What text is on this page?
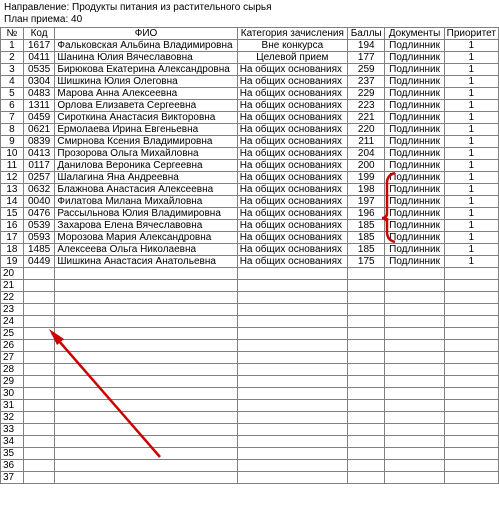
Направление: Продукты питания из растительного сырья
План приема: 40
№	Код	ФИО	Категория зачисления	Баллы	Документы	Приоритет
1	1617	Фальковская Альбина Владимировна	Вне конкурса	194	Подлинник	1
2	0411	Шанина Юлия Вячеславовна	Целевой прием	177	Подлинник	1
3	0535	Бирюкова Екатерина Александровна	На общих основаниях	259	Подлинник	1
4	0304	Шишкина Юлия Олеговна	На общих основаниях	237	Подлинник	1
5	0483	Марова Анна Алексеевна	На общих основаниях	229	Подлинник	1
6	1311	Орлова Елизавета Сергеевна	На общих основаниях	223	Подлинник	1
7	0459	Сироткина Анастасия Викторовна	На общих основаниях	221	Подлинник	1
8	0621	Ермолаева Ирина Евгеньевна	На общих основаниях	220	Подлинник	1
9	0839	Смирнова Ксения Владимировна	На общих основаниях	211	Подлинник	1
10	0413	Прозорова Ольга Михайловна	На общих основаниях	204	Подлинник	1
11	0117	Данилова Вероника Сергеевна	На общих основаниях	200	Подлинник	1
12	0257	Шалагина Яна Андреевна	На общих основаниях	199	Подлинник	1
13	0632	Блажнова Анастасия Алексеевна	На общих основаниях	198	Подлинник	1
14	0040	Филатова Милана Михайловна	На общих основаниях	197	Подлинник	1
15	0476	Рассыльнова Юлия Владимировна	На общих основаниях	196	Подлинник	1
16	0539	Захарова Елена Вячеславовна	На общих основаниях	185	Подлинник	1
17	0593	Морозова Мария Александровна	На общих основаниях	185	Подлинник	1
18	1485	Алексеева Ольга Николаевна	На общих основаниях	185	Подлинник	1
19	0449	Шишкина Анастасия Анатольевна	На общих основаниях	175	Подлинник	1
20						
21						
22						
23						
24						
25						
26						
27						
28						
29						
30						
31						
32						
33						
34						
35						
36						
37						
